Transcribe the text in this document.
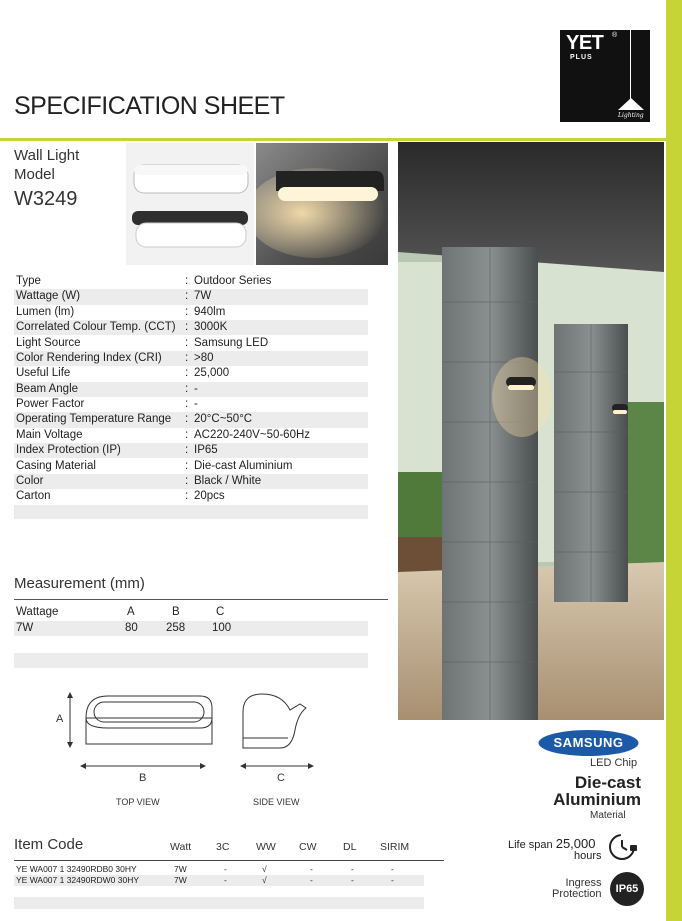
YET ®
PLUS
Lighting
SPECIFICATION SHEET
Wall Light
Model
W3249
Type	: Outdoor Series
Wattage (W)	: 7W
Lumen (lm)	: 940lm
Correlated Colour Temp. (CCT) : 3000K
Light Source	: Samsung LED
Color Rendering Index (CRI) : >80
Useful Life	: 25,000
Beam Angle	: -
Power Factor	: -
Operating Temperature Range : 20°C~50°C
Main Voltage	: AC220-240V~50-60Hz
Index Protection (IP)	: IP65
Casing Material	: Die-cast Aluminium
Color	: Black / White
Carton	: 20pcs
Measurement (mm)
Wattage	A	B	C
7W	80 258 100
A
B	C
TOP VIEW	SIDE VIEW
SAMSUNG
LED Chip
Die-cast
Aluminium
Material
Life span 25,000
hours
Ingress
Protection	IP65
Item Code	Watt 3C	WW CW	DL SIRIM
YE WA007 1 32490RDB0 30HY	7W	-	√	-	-	-
YE WA007 1 32490RDW0 30HY	7W	-	√	-	-	-
